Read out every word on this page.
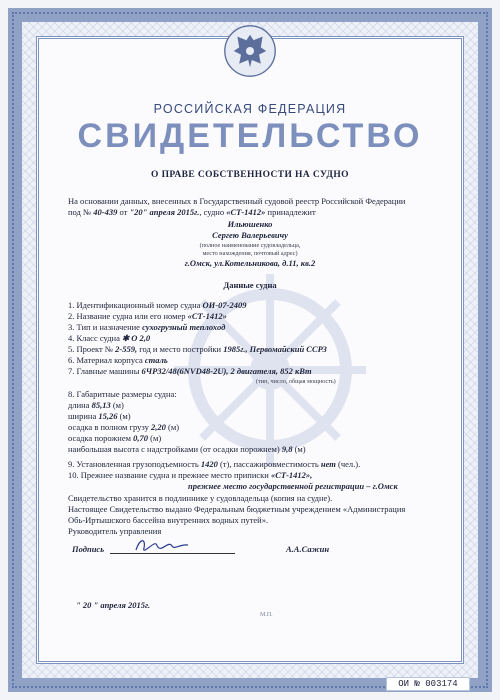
РОССИЙСКАЯ ФЕДЕРАЦИЯ
СВИДЕТЕЛЬСТВО
О ПРАВЕ СОБСТВЕННОСТИ НА СУДНО
На основании данных, внесенных в Государственный судовой реестр Российской Федерации
под № 40-439 от "20" апреля 2015г., судно «СТ-1412» принадлежит
Ильюшенко
Сергею Валерьевичу
(полное наименование судовладельца,
место нахождения, почтовый адрес)
г.Омск, ул.Котельникова, д.11, кв.2
Данные судна
1. Идентификационный номер судна ОИ-07-2409
2. Название судна или его номер «СТ-1412»
3. Тип и назначение сухогрузный теплоход
4. Класс судна ✱ О 2,0
5. Проект № 2-559, год и место постройки 1985г., Первомайский ССРЗ
6. Материал корпуса сталь
7. Главные машины 6ЧР32/48(6NVD48-2U), 2 двигателя, 852 кВт
(тип, число, общая мощность)
8. Габаритные размеры судна:
длина 85,13 (м)
ширина 15,26 (м)
осадка в полном грузу 2,20 (м)
осадка порожнем 0,70 (м)
наибольшая высота с надстройками (от осадки порожнем) 9,8 (м)
9. Установленная грузоподъемность 1420 (т), пассажировместимость нет (чел.).
10. Прежнее название судна и прежнее место приписки «СТ-1412»,
прежнее место государственной регистрации – г.Омск
Свидетельство хранится в подлиннике у судовладельца (копия на судне).
Настоящее Свидетельство выдано Федеральным бюджетным учреждением «Администрация
Обь-Иртышского бассейна внутренних водных путей».
Руководитель управления
Подпись	А.А.Сажин
" 20 " апреля 2015г.
М.П.
ОИ № 003174
